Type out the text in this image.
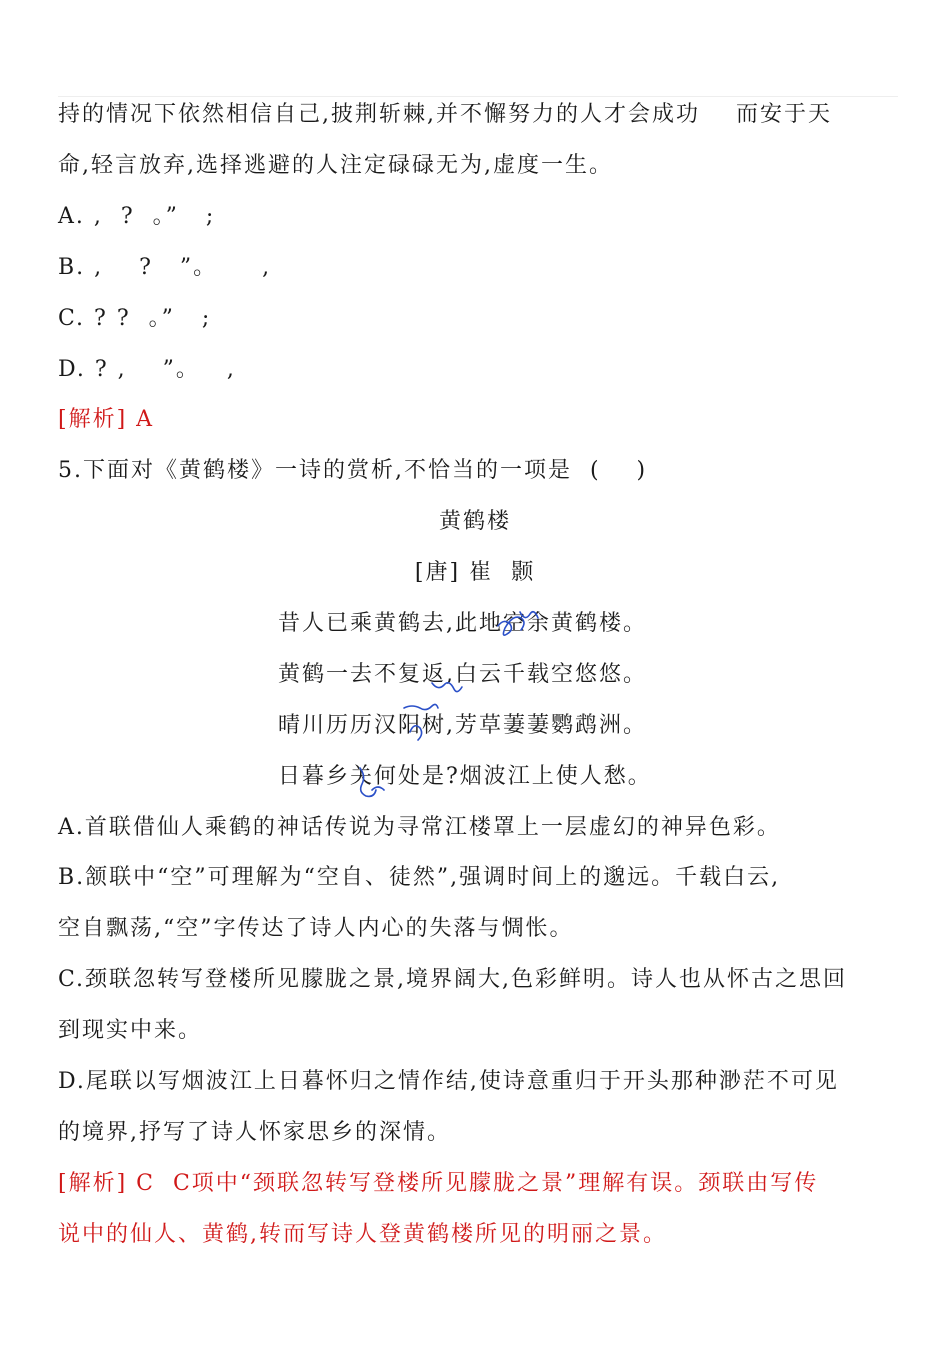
持的情况下依然相信自己,披荆斩棘,并不懈努力的人才会成功    而安于天
命,轻言放弃,选择逃避的人注定碌碌无为,虚度一生。
A. ,  ?  。”   ;
B. ,    ?   ”。     ,
C. ? ?  。”   ;
D. ? ,    ”。   ,
[解析] A
5.下面对《黄鹤楼》一诗的赏析,不恰当的一项是  (    )
黄鹤楼
[唐] 崔  颢
昔人已乘黄鹤去,此地空余黄鹤楼。
黄鹤一去不复返,白云千载空悠悠。
晴川历历汉阳树,芳草萋萋鹦鹉洲。
日暮乡关何处是?烟波江上使人愁。
A.首联借仙人乘鹤的神话传说为寻常江楼罩上一层虚幻的神异色彩。
B.颔联中“空”可理解为“空自、徒然”,强调时间上的邈远。千载白云,
空自飘荡,“空”字传达了诗人内心的失落与惆怅。
C.颈联忽转写登楼所见朦胧之景,境界阔大,色彩鲜明。诗人也从怀古之思回
到现实中来。
D.尾联以写烟波江上日暮怀归之情作结,使诗意重归于开头那种渺茫不可见
的境界,抒写了诗人怀家思乡的深情。
[解析] C  C项中“颈联忽转写登楼所见朦胧之景”理解有误。颈联由写传
说中的仙人、黄鹤,转而写诗人登黄鹤楼所见的明丽之景。
